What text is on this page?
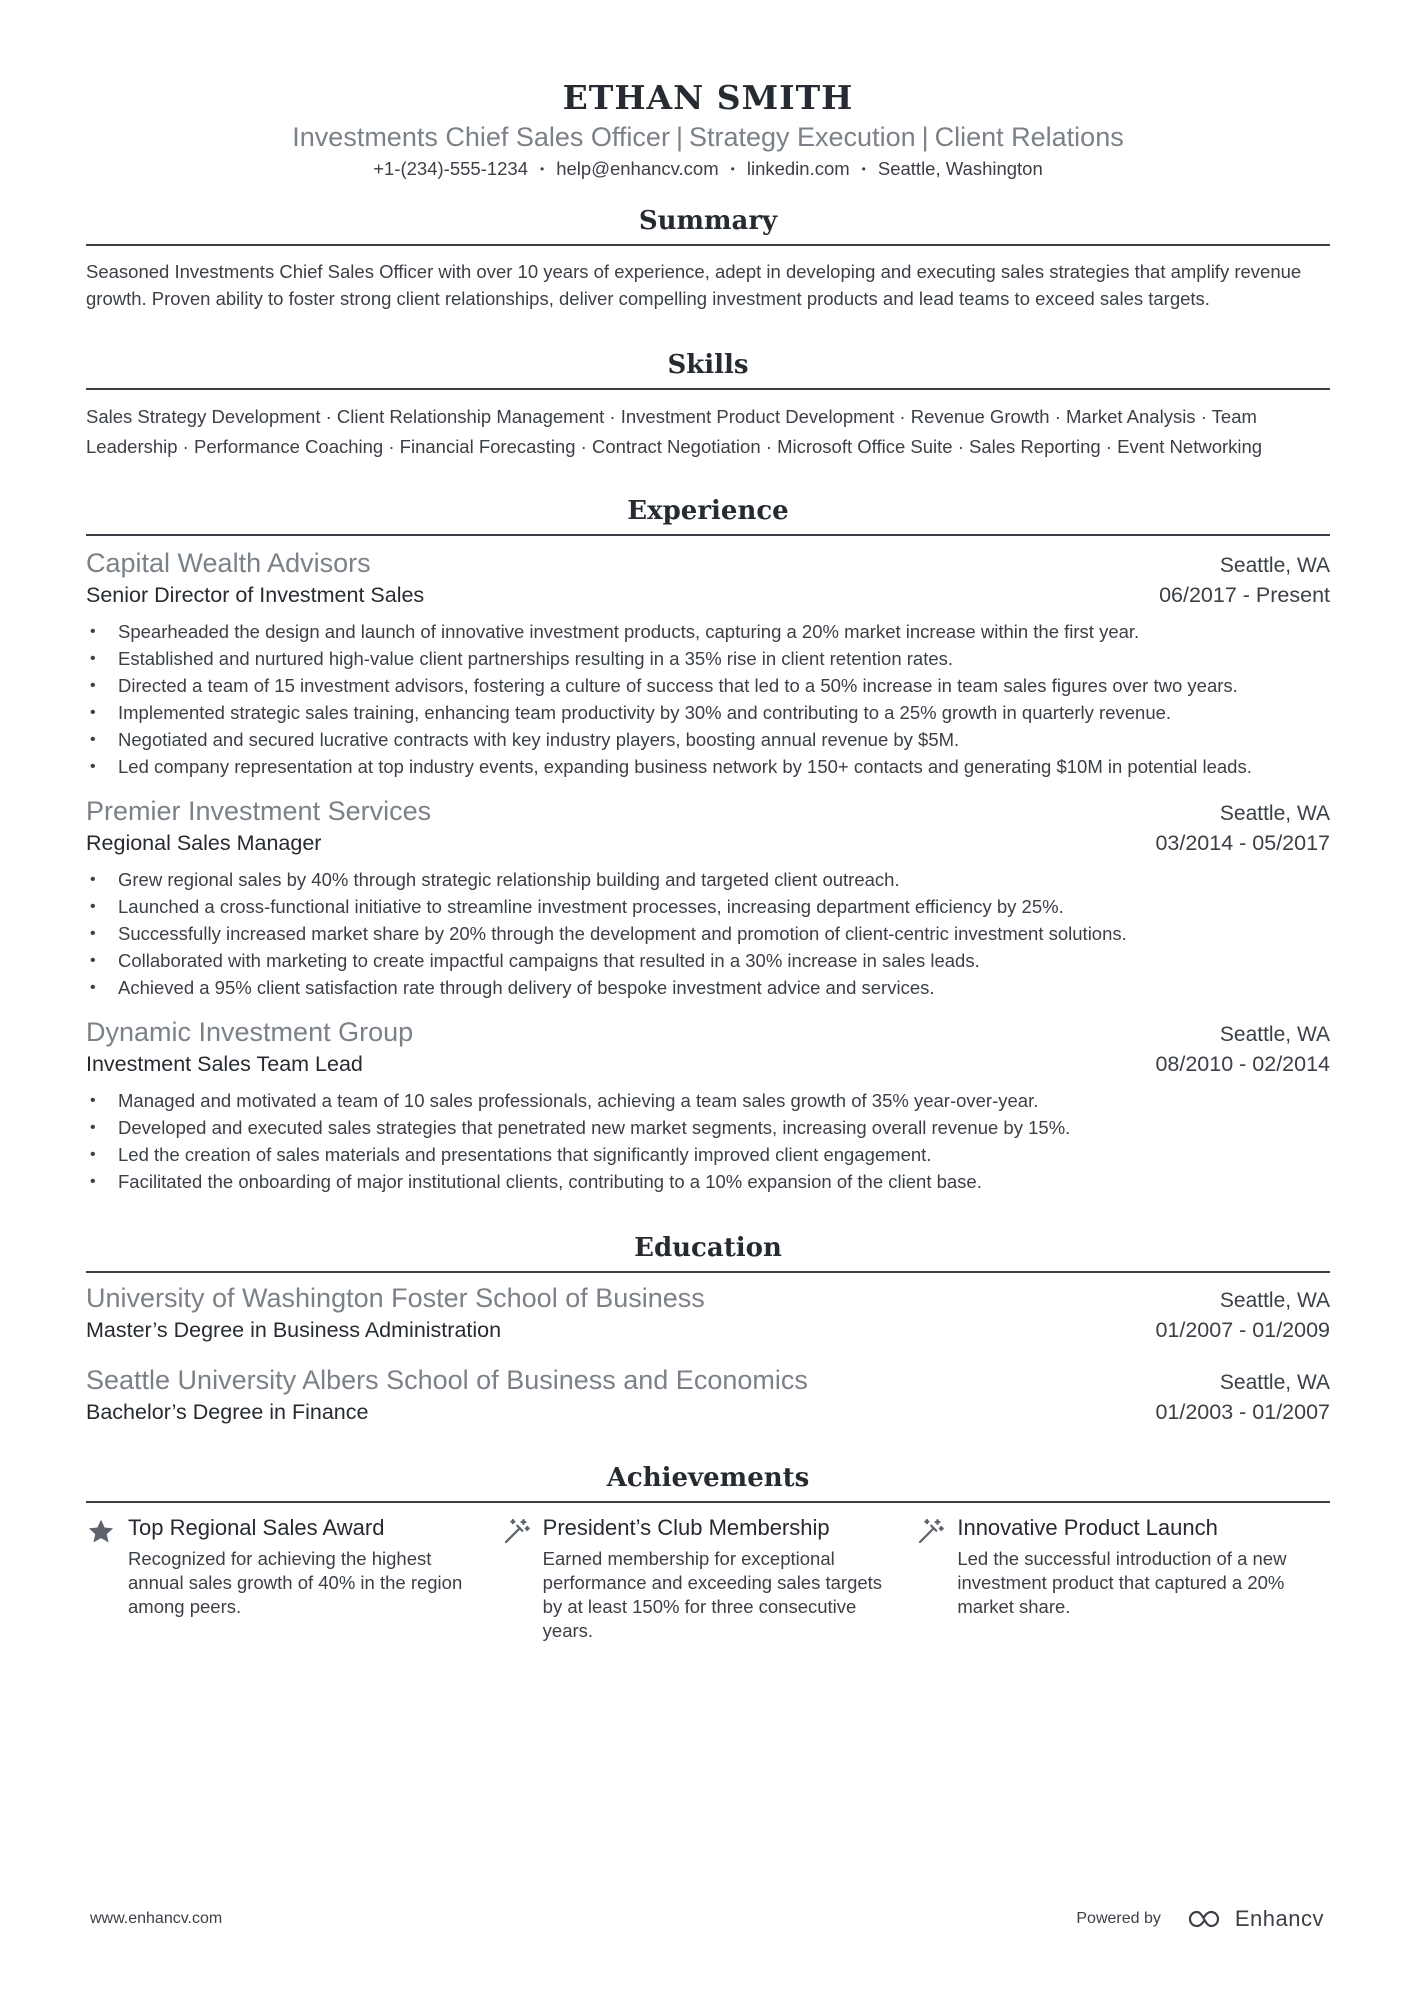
ETHAN SMITH
Investments Chief Sales Officer | Strategy Execution | Client Relations
+1-(234)-555-1234 • help@enhancv.com • linkedin.com • Seattle, Washington
Summary
Seasoned Investments Chief Sales Officer with over 10 years of experience, adept in developing and executing sales strategies that amplify revenue growth. Proven ability to foster strong client relationships, deliver compelling investment products and lead teams to exceed sales targets.
Skills
Sales Strategy Development · Client Relationship Management · Investment Product Development · Revenue Growth · Market Analysis · Team Leadership · Performance Coaching · Financial Forecasting · Contract Negotiation · Microsoft Office Suite · Sales Reporting · Event Networking
Experience
Capital Wealth Advisors	Seattle, WA
Senior Director of Investment Sales	06/2017 - Present
• Spearheaded the design and launch of innovative investment products, capturing a 20% market increase within the first year.
• Established and nurtured high-value client partnerships resulting in a 35% rise in client retention rates.
• Directed a team of 15 investment advisors, fostering a culture of success that led to a 50% increase in team sales figures over two years.
• Implemented strategic sales training, enhancing team productivity by 30% and contributing to a 25% growth in quarterly revenue.
• Negotiated and secured lucrative contracts with key industry players, boosting annual revenue by $5M.
• Led company representation at top industry events, expanding business network by 150+ contacts and generating $10M in potential leads.
Premier Investment Services	Seattle, WA
Regional Sales Manager	03/2014 - 05/2017
• Grew regional sales by 40% through strategic relationship building and targeted client outreach.
• Launched a cross-functional initiative to streamline investment processes, increasing department efficiency by 25%.
• Successfully increased market share by 20% through the development and promotion of client-centric investment solutions.
• Collaborated with marketing to create impactful campaigns that resulted in a 30% increase in sales leads.
• Achieved a 95% client satisfaction rate through delivery of bespoke investment advice and services.
Dynamic Investment Group	Seattle, WA
Investment Sales Team Lead	08/2010 - 02/2014
• Managed and motivated a team of 10 sales professionals, achieving a team sales growth of 35% year-over-year.
• Developed and executed sales strategies that penetrated new market segments, increasing overall revenue by 15%.
• Led the creation of sales materials and presentations that significantly improved client engagement.
• Facilitated the onboarding of major institutional clients, contributing to a 10% expansion of the client base.
Education
University of Washington Foster School of Business	Seattle, WA
Master’s Degree in Business Administration	01/2007 - 01/2009
Seattle University Albers School of Business and Economics	Seattle, WA
Bachelor’s Degree in Finance	01/2003 - 01/2007
Achievements
Top Regional Sales Award
Recognized for achieving the highest annual sales growth of 40% in the region among peers.
President’s Club Membership
Earned membership for exceptional performance and exceeding sales targets by at least 150% for three consecutive years.
Innovative Product Launch
Led the successful introduction of a new investment product that captured a 20% market share.
www.enhancv.com	Powered by	Enhancv
